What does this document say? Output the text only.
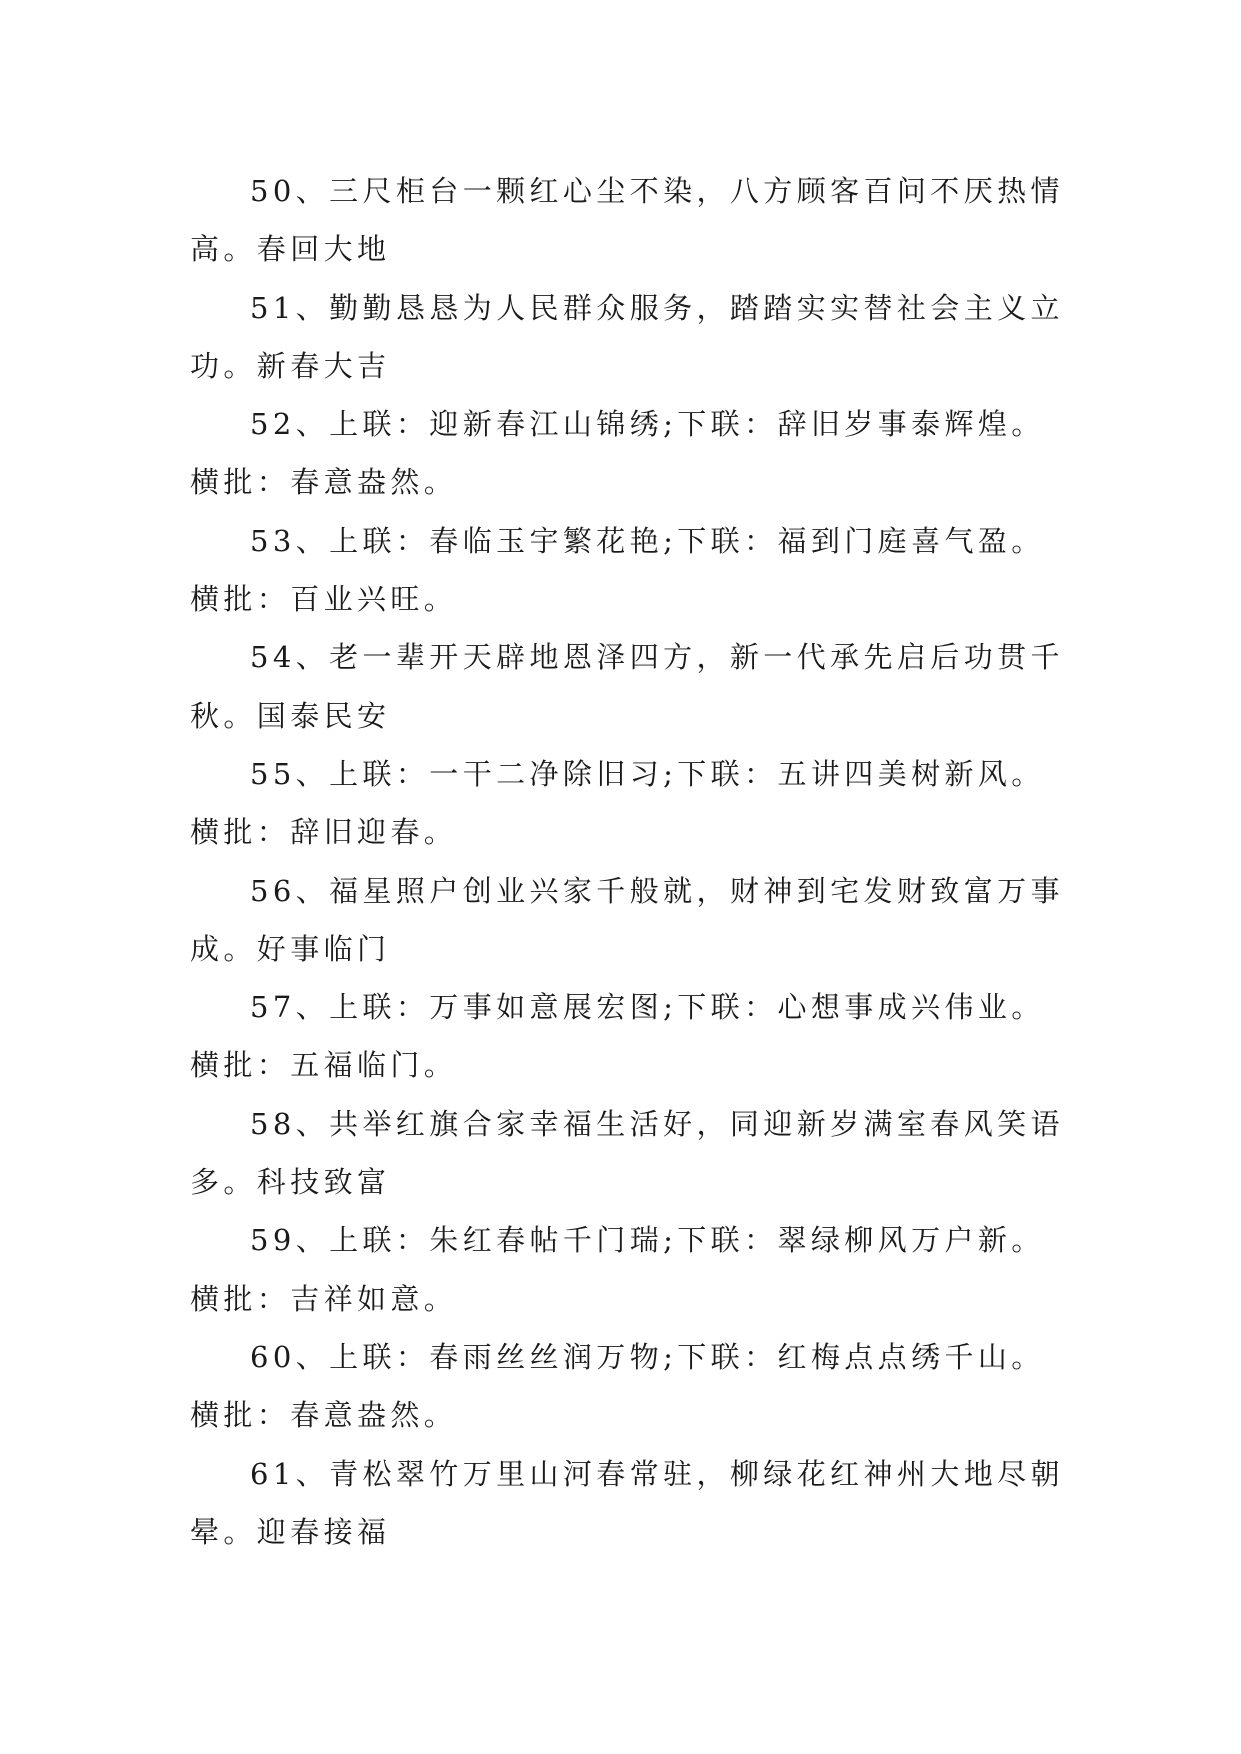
50、三尺柜台一颗红心尘不染，八方顾客百问不厌热情
高。春回大地

51、勤勤恳恳为人民群众服务，踏踏实实替社会主义立
功。新春大吉

52、上联：迎新春江山锦绣;下联：辞旧岁事泰辉煌。
横批：春意盎然。

53、上联：春临玉宇繁花艳;下联：福到门庭喜气盈。
横批：百业兴旺。

54、老一辈开天辟地恩泽四方，新一代承先启后功贯千
秋。国泰民安

55、上联：一干二净除旧习;下联：五讲四美树新风。
横批：辞旧迎春。

56、福星照户创业兴家千般就，财神到宅发财致富万事
成。好事临门

57、上联：万事如意展宏图;下联：心想事成兴伟业。
横批：五福临门。

58、共举红旗合家幸福生活好，同迎新岁满室春风笑语
多。科技致富

59、上联：朱红春帖千门瑞;下联：翠绿柳风万户新。
横批：吉祥如意。

60、上联：春雨丝丝润万物;下联：红梅点点绣千山。
横批：春意盎然。

61、青松翠竹万里山河春常驻，柳绿花红神州大地尽朝
晕。迎春接福
